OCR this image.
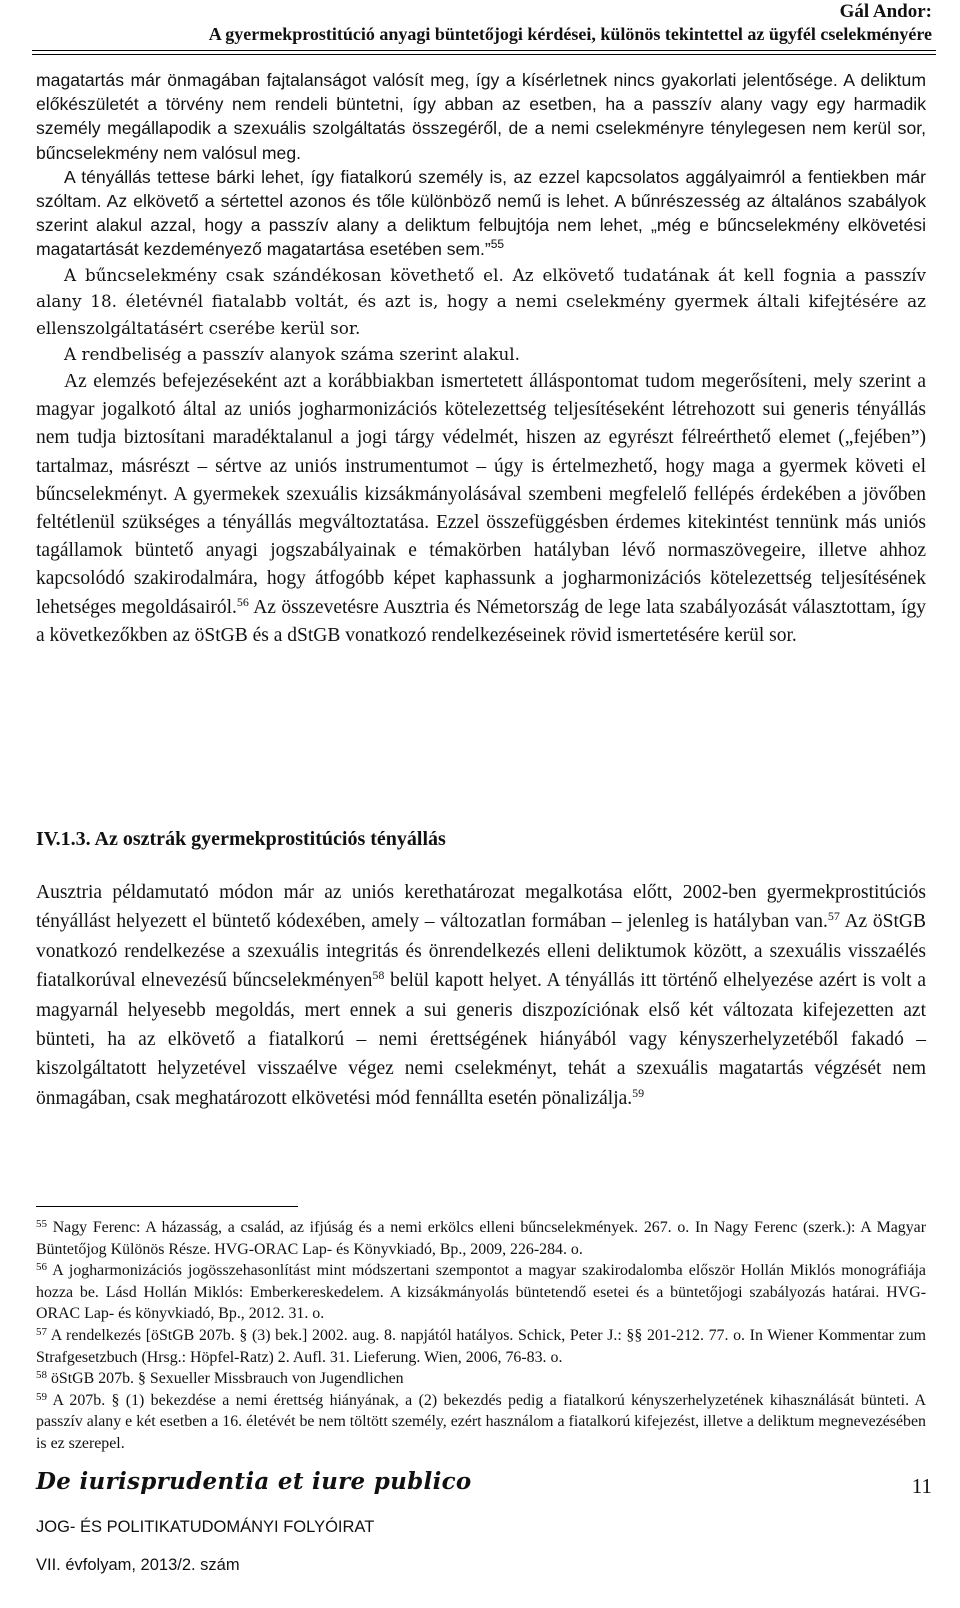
Gál Andor:
A gyermekprostitúció anyagi büntetőjogi kérdései, különös tekintettel az ügyfél cselekményére

magatartás már önmagában fajtalanságot valósít meg, így a kísérletnek nincs gyakorlati jelentősége. A deliktum előkészületét a törvény nem rendeli büntetni, így abban az esetben, ha a passzív alany vagy egy harmadik személy megállapodik a szexuális szolgáltatás összegéről, de a nemi cselekményre ténylegesen nem kerül sor, bűncselekmény nem valósul meg.

A tényállás tettese bárki lehet, így fiatalkorú személy is, az ezzel kapcsolatos aggályaimról a fentiekben már szóltam. Az elkövető a sértettel azonos és tőle különböző nemű is lehet. A bűnrészesség az általános szabályok szerint alakul azzal, hogy a passzív alany a deliktum felbujtója nem lehet, „még e bűncselekmény elkövetési magatartását kezdeményező magatartása esetében sem.”$^{55}$

A bűncselekmény csak szándékosan követhető el. Az elkövető tudatának át kell fognia a passzív alany 18. életévnél fiatalabb voltát, és azt is, hogy a nemi cselekmény gyermek általi kifejtésére az ellenszolgáltatásért cserébe kerül sor.

A rendbeliség a passzív alanyok száma szerint alakul.

Az elemzés befejezéseként azt a korábbiakban ismertetett álláspontomat tudom megerősíteni, mely szerint a magyar jogalkotó által az uniós jogharmonizációs kötelezettség teljesítéseként létrehozott sui generis tényállás nem tudja biztosítani maradéktalanul a jogi tárgy védelmét, hiszen az egyrészt félreérthető elemet („fejében”) tartalmaz, másrészt – sértve az uniós instrumentumot – úgy is értelmezhető, hogy maga a gyermek követi el bűncselekményt. A gyermekek szexuális kizsákmányolásával szembeni megfelelő fellépés érdekében a jövőben feltétlenül szükséges a tényállás megváltoztatása. Ezzel összefüggésben érdemes kitekintést tennünk más uniós tagállamok büntető anyagi jogszabályainak e témakörben hatályban lévő normaszövegeire, illetve ahhoz kapcsolódó szakirodalmára, hogy átfogóbb képet kaphassunk a jogharmonizációs kötelezettség teljesítésének lehetséges megoldásairól.$^{56}$ Az összevetésre Ausztria és Németország de lege lata szabályozását választottam, így a következőkben az öStGB és a dStGB vonatkozó rendelkezéseinek rövid ismertetésére kerül sor.

IV.1.3. Az osztrák gyermekprostitúciós tényállás

Ausztria példamutató módon már az uniós kerethatározat megalkotása előtt, 2002-ben gyermekprostitúciós tényállást helyezett el büntető kódexében, amely – változatlan formában – jelenleg is hatályban van.$^{57}$ Az öStGB vonatkozó rendelkezése a szexuális integritás és önrendelkezés elleni deliktumok között, a szexuális visszaélés fiatalkorúval elnevezésű bűncselekményen$^{58}$ belül kapott helyet. A tényállás itt történő elhelyezése azért is volt a magyarnál helyesebb megoldás, mert ennek a sui generis diszpozíciónak első két változata kifejezetten azt bünteti, ha az elkövető a fiatalkorú – nemi érettségének hiányából vagy kényszerhelyzetéből fakadó – kiszolgáltatott helyzetével visszaélve végez nemi cselekményt, tehát a szexuális magatartás végzését nem önmagában, csak meghatározott elkövetési mód fennállta esetén pönalizálja.$^{59}$

$^{55}$ Nagy Ferenc: A házasság, a család, az ifjúság és a nemi erkölcs elleni bűncselekmények. 267. o. In Nagy Ferenc (szerk.): A Magyar Büntetőjog Különös Része. HVG-ORAC Lap- és Könyvkiadó, Bp., 2009, 226-284. o.

$^{56}$ A jogharmonizációs jogösszehasonlítást mint módszertani szempontot a magyar szakirodalomba először Hollán Miklós monográfiája hozza be. Lásd Hollán Miklós: Emberkereskedelem. A kizsákmányolás büntetendő esetei és a büntetőjogi szabályozás határai. HVG-ORAC Lap- és könyvkiadó, Bp., 2012. 31. o.

$^{57}$ A rendelkezés [öStGB 207b. § (3) bek.] 2002. aug. 8. napjától hatályos. Schick, Peter J.: §§ 201-212. 77. o. In Wiener Kommentar zum Strafgesetzbuch (Hrsg.: Höpfel-Ratz) 2. Aufl. 31. Lieferung. Wien, 2006, 76-83. o.

$^{58}$ öStGB 207b. § Sexueller Missbrauch von Jugendlichen

$^{59}$ A 207b. § (1) bekezdése a nemi érettség hiányának, a (2) bekezdés pedig a fiatalkorú kényszerhelyzetének kihasználását bünteti. A passzív alany e két esetben a 16. életévét be nem töltött személy, ezért használom a fiatalkorú kifejezést, illetve a deliktum megnevezésében is ez szerepel.

De iurisprudentia et iure publico	11
JOG- ÉS POLITIKATUDOMÁNYI FOLYÓIRAT
VII. évfolyam, 2013/2. szám
